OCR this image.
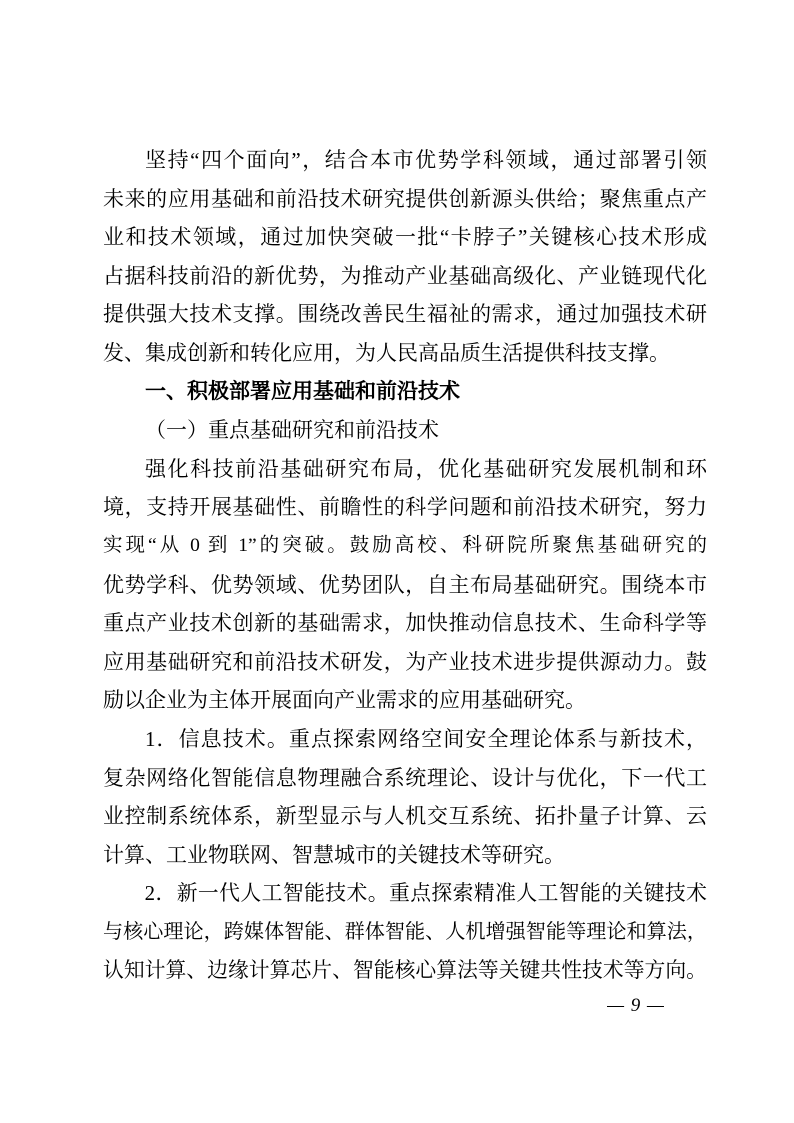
坚持“四个面向”，结合本市优势学科领域，通过部署引领
未来的应用基础和前沿技术研究提供创新源头供给；聚焦重点产
业和技术领域，通过加快突破一批“卡脖子”关键核心技术形成
占据科技前沿的新优势，为推动产业基础高级化、产业链现代化
提供强大技术支撑。围绕改善民生福祉的需求，通过加强技术研
发、集成创新和转化应用，为人民高品质生活提供科技支撑。
一、积极部署应用基础和前沿技术
（一）重点基础研究和前沿技术
强化科技前沿基础研究布局，优化基础研究发展机制和环
境，支持开展基础性、前瞻性的科学问题和前沿技术研究，努力
实现“从 0 到 1”的突破。鼓励高校、科研院所聚焦基础研究的
优势学科、优势领域、优势团队，自主布局基础研究。围绕本市
重点产业技术创新的基础需求，加快推动信息技术、生命科学等
应用基础研究和前沿技术研发，为产业技术进步提供源动力。鼓
励以企业为主体开展面向产业需求的应用基础研究。
1．信息技术。重点探索网络空间安全理论体系与新技术，
复杂网络化智能信息物理融合系统理论、设计与优化，下一代工
业控制系统体系，新型显示与人机交互系统、拓扑量子计算、云
计算、工业物联网、智慧城市的关键技术等研究。
2．新一代人工智能技术。重点探索精准人工智能的关键技术
与核心理论，跨媒体智能、群体智能、人机增强智能等理论和算法，
认知计算、边缘计算芯片、智能核心算法等关键共性技术等方向。
— 9 —
